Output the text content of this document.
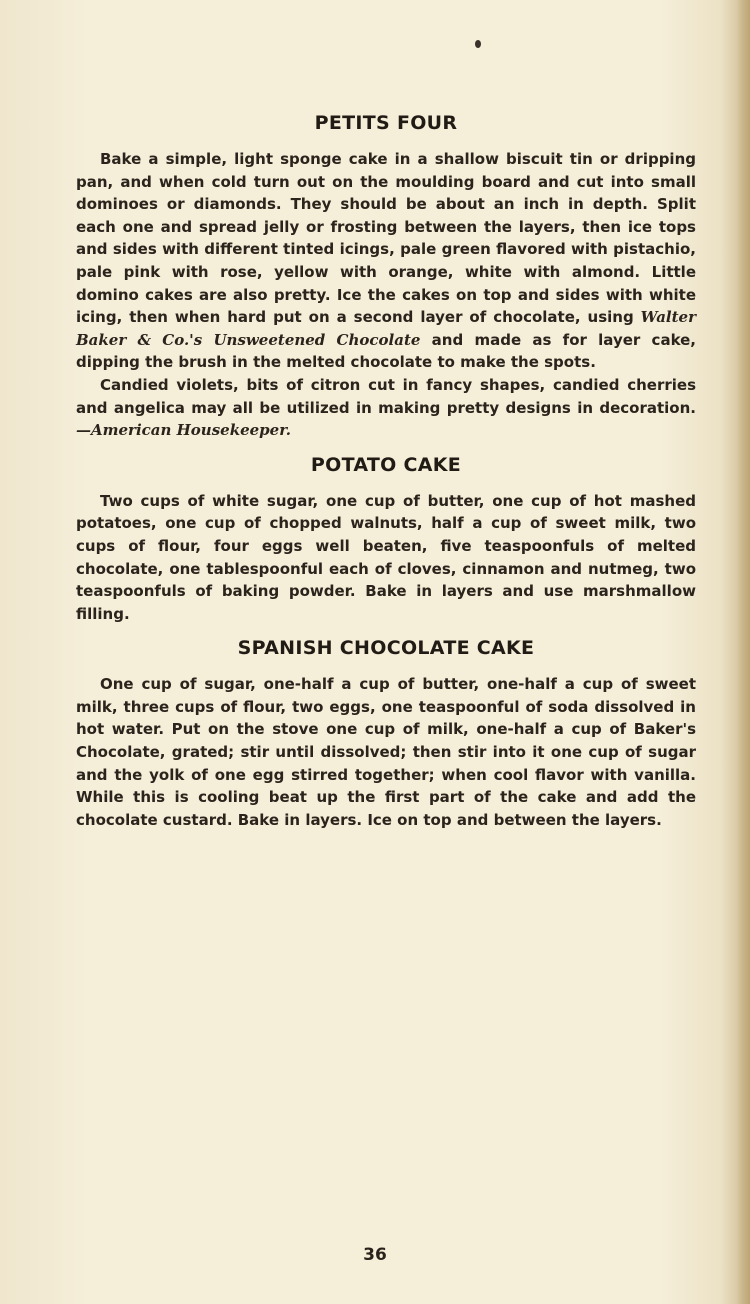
PETITS FOUR

Bake a simple, light sponge cake in a shallow biscuit tin or dripping pan, and when cold turn out on the moulding board and cut into small dominoes or diamonds. They should be about an inch in depth. Split each one and spread jelly or frosting between the layers, then ice tops and sides with different tinted icings, pale green flavored with pistachio, pale pink with rose, yellow with orange, white with almond. Little domino cakes are also pretty. Ice the cakes on top and sides with white icing, then when hard put on a second layer of chocolate, using Walter Baker & Co.'s Unsweetened Chocolate and made as for layer cake, dipping the brush in the melted chocolate to make the spots.

Candied violets, bits of citron cut in fancy shapes, candied cherries and angelica may all be utilized in making pretty designs in decoration.—American Housekeeper.

POTATO CAKE

Two cups of white sugar, one cup of butter, one cup of hot mashed potatoes, one cup of chopped walnuts, half a cup of sweet milk, two cups of flour, four eggs well beaten, five teaspoonfuls of melted chocolate, one tablespoonful each of cloves, cinnamon and nutmeg, two teaspoonfuls of baking powder. Bake in layers and use marshmallow filling.

SPANISH CHOCOLATE CAKE

One cup of sugar, one-half a cup of butter, one-half a cup of sweet milk, three cups of flour, two eggs, one teaspoonful of soda dissolved in hot water. Put on the stove one cup of milk, one-half a cup of Baker's Chocolate, grated; stir until dissolved; then stir into it one cup of sugar and the yolk of one egg stirred together; when cool flavor with vanilla. While this is cooling beat up the first part of the cake and add the chocolate custard. Bake in layers. Ice on top and between the layers.

36
